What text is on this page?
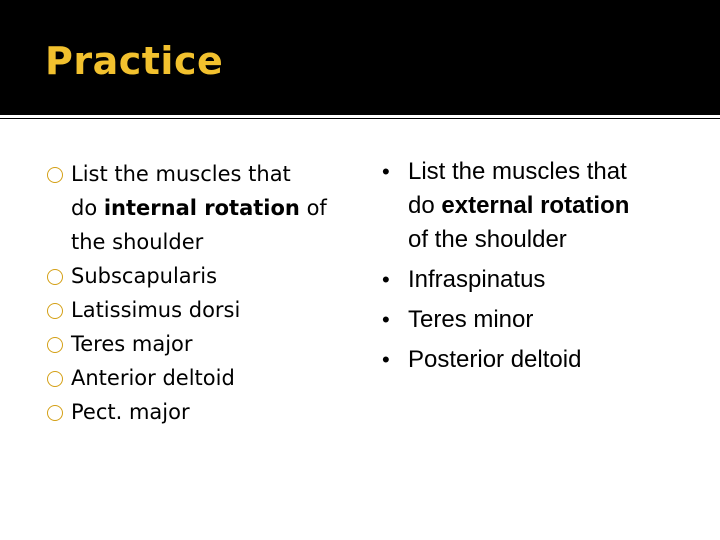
Practice
List the muscles that
do internal rotation of
the shoulder
Subscapularis
Latissimus dorsi
Teres major
Anterior deltoid
Pect. major
• List the muscles that
do external rotation
of the shoulder
• Infraspinatus
• Teres minor
• Posterior deltoid
